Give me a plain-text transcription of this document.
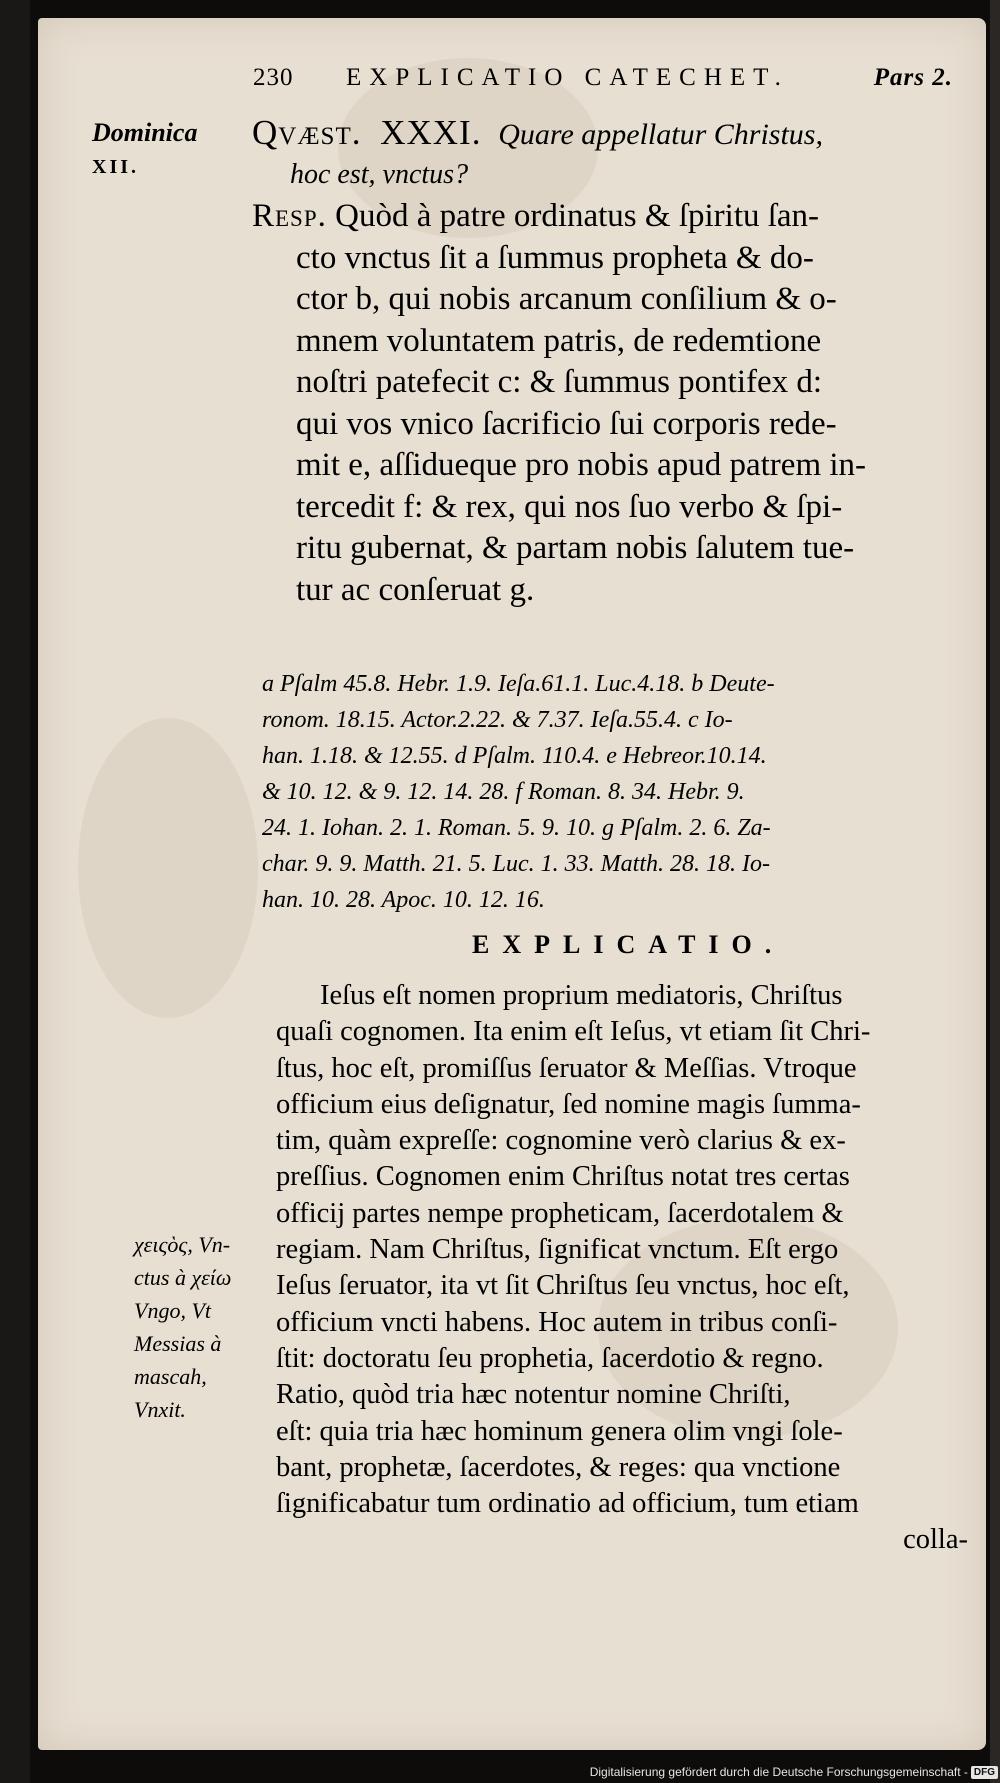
230 EXPLICATIO CATECHET.	Pars 2.
Dominica
XII.
Qvæst. XXXI. Quare appellatur Christus,
hoc est, vnctus?
Resp. Quòd à patre ordinatus & ſpiritu ſan-
cto vnctus ſit a ſummus propheta & do-
ctor b, qui nobis arcanum conſilium & o-
mnem voluntatem patris, de redemtione
noſtri patefecit c: & ſummus pontifex d:
qui vos vnico ſacrificio ſui corporis rede-
mit e, aſſidueque pro nobis apud patrem in-
tercedit f: & rex, qui nos ſuo verbo & ſpi-
ritu gubernat, & partam nobis ſalutem tue-
tur ac conſeruat g.
a Pſalm 45.8. Hebr. 1.9. Ieſa.61.1. Luc.4.18. b Deute-
ronom. 18.15. Actor.2.22. & 7.37. Ieſa.55.4. c Io-
han. 1.18. & 12.55. d Pſalm. 110.4. e Hebreor.10.14.
& 10. 12. & 9. 12. 14. 28. f Roman. 8. 34. Hebr. 9.
24. 1. Iohan. 2. 1. Roman. 5. 9. 10. g Pſalm. 2. 6. Za-
char. 9. 9. Matth. 21. 5. Luc. 1. 33. Matth. 28. 18. Io-
han. 10. 28. Apoc. 10. 12. 16.
EXPLICATIO.
Ieſus eſt nomen proprium mediatoris, Chriſtus
quaſi cognomen. Ita enim eſt Ieſus, vt etiam ſit Chri-
ſtus, hoc eſt, promiſſus ſeruator & Meſſias. Vtroque
officium eius deſignatur, ſed nomine magis ſumma-
tim, quàm expreſſe: cognomine verò clarius & ex-
preſſius. Cognomen enim Chriſtus notat tres certas
officij partes nempe propheticam, ſacerdotalem &
regiam. Nam Chriſtus, ſignificat vnctum. Eſt ergo
Ieſus ſeruator, ita vt ſit Chriſtus ſeu vnctus, hoc eſt,
officium vncti habens. Hoc autem in tribus conſi-
ſtit: doctoratu ſeu prophetia, ſacerdotio & regno.
Ratio, quòd tria hæc notentur nomine Chriſti,
eſt: quia tria hæc hominum genera olim vngi ſole-
bant, prophetæ, ſacerdotes, & reges: qua vnctione
ſignificabatur tum ordinatio ad officium, tum etiam
colla-
χειςὸς, Vn-
ctus à χείω
Vngo, Vt
Messias à
mascah,
Vnxit.
Digitalisierung gefördert durch die Deutsche Forschungsgemeinschaft - DFG
